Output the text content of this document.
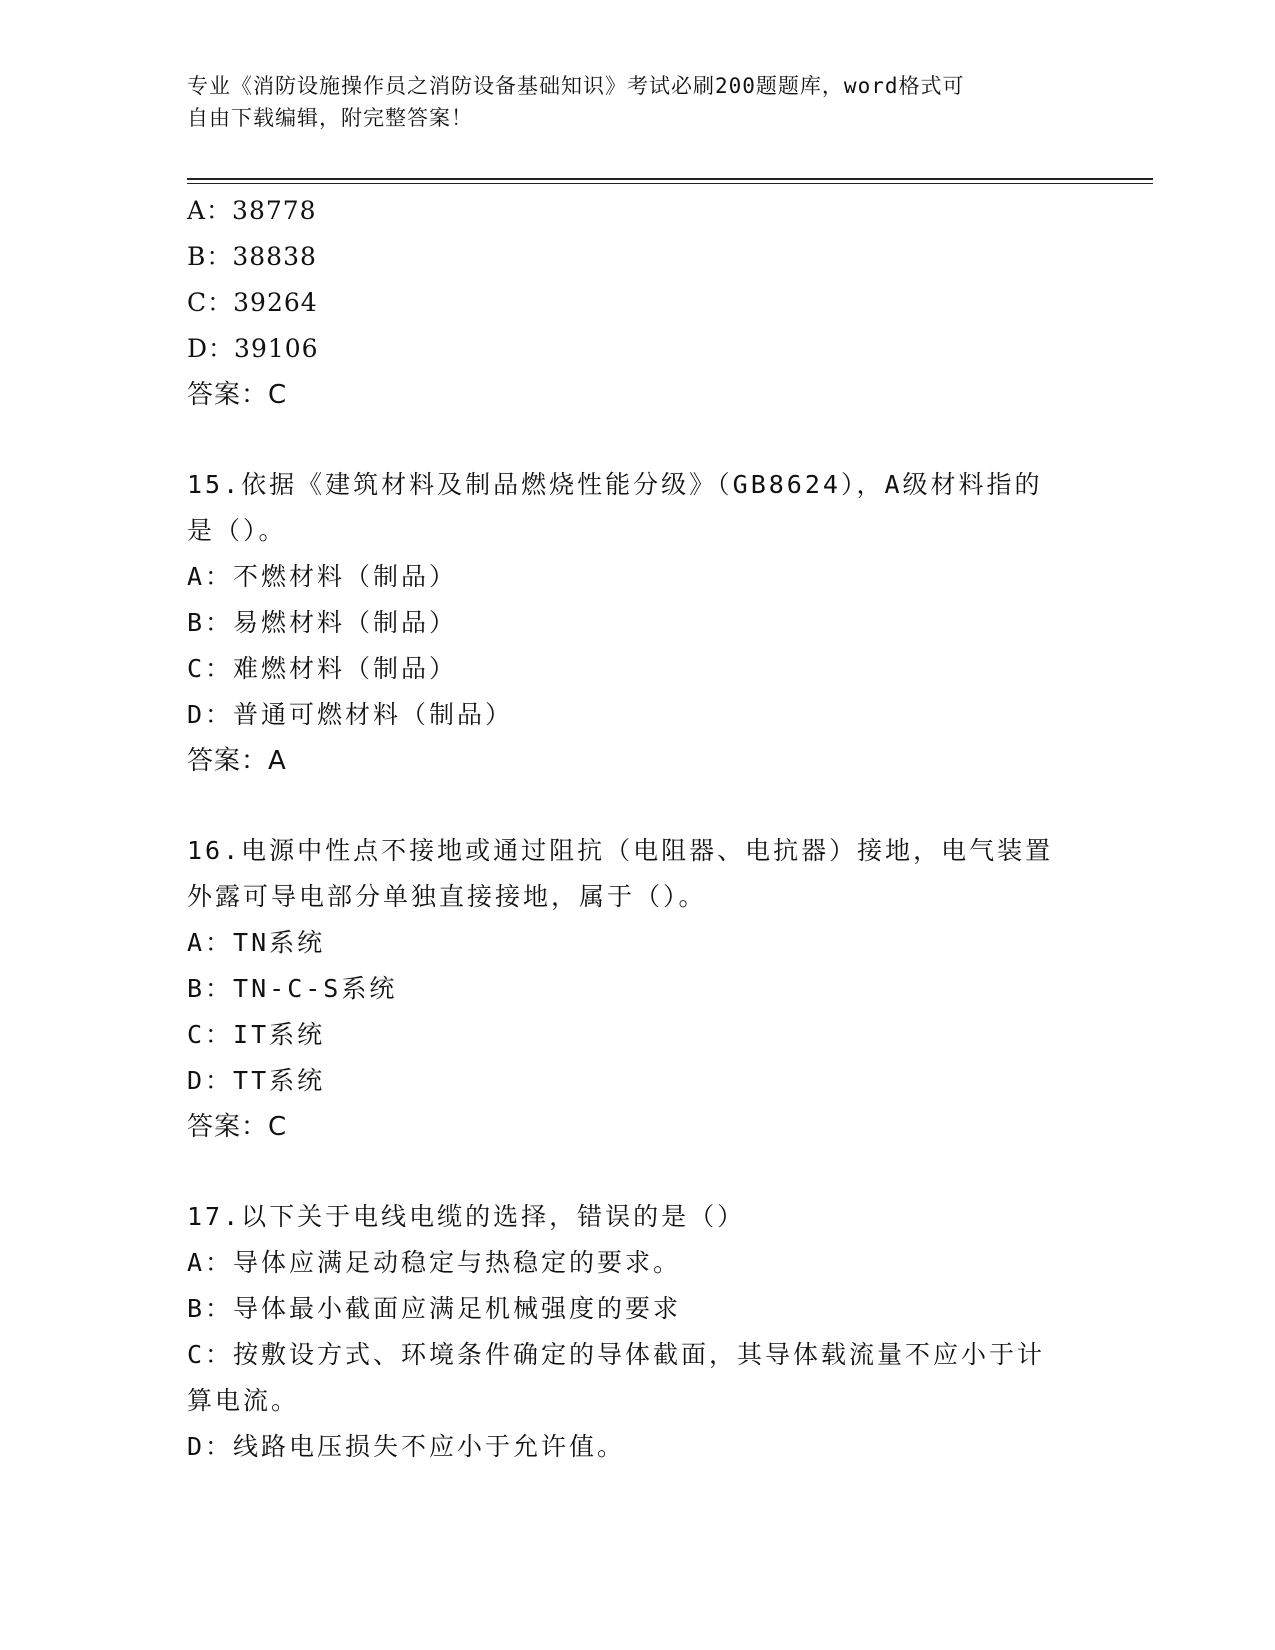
专业《消防设施操作员之消防设备基础知识》考试必刷200题题库，word格式可
自由下载编辑，附完整答案！
A：38778
B：38838
C：39264
D：39106
答案：C
15.依据《建筑材料及制品燃烧性能分级》（GB8624），A级材料指的
是（）。
A：不燃材料（制品）
B：易燃材料（制品）
C：难燃材料（制品）
D：普通可燃材料（制品）
答案：A
16.电源中性点不接地或通过阻抗（电阻器、电抗器）接地，电气装置
外露可导电部分单独直接接地，属于（）。
A：TN系统
B：TN-C-S系统
C：IT系统
D：TT系统
答案：C
17.以下关于电线电缆的选择，错误的是（）
A：导体应满足动稳定与热稳定的要求。
B：导体最小截面应满足机械强度的要求
C：按敷设方式、环境条件确定的导体截面，其导体载流量不应小于计
算电流。
D：线路电压损失不应小于允许值。
